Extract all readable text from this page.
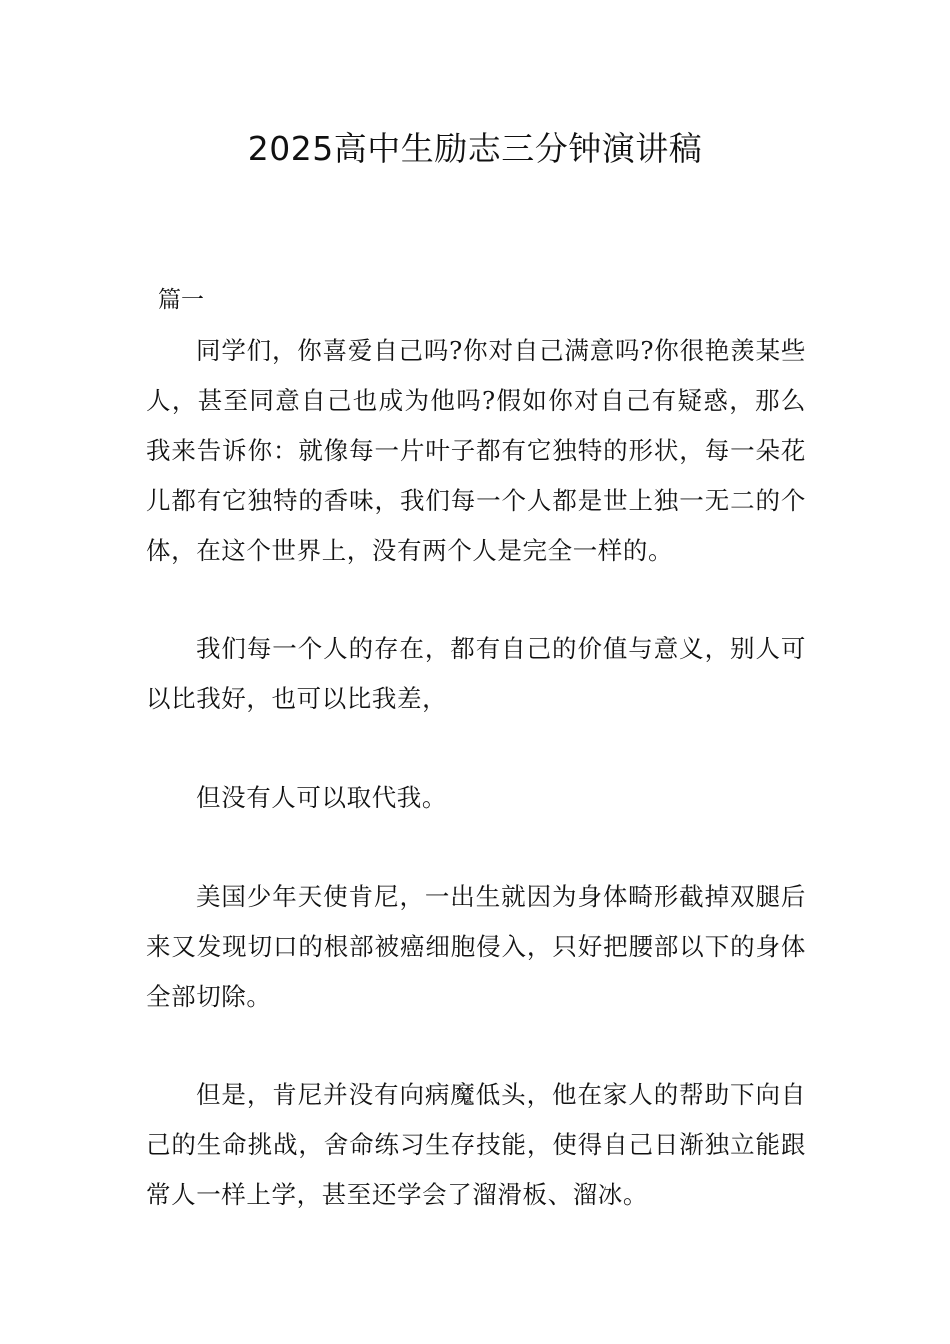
2025高中生励志三分钟演讲稿

篇一

同学们，你喜爱自己吗?你对自己满意吗?你很艳羡某些人，甚至同意自己也成为他吗?假如你对自己有疑惑，那么我来告诉你：就像每一片叶子都有它独特的形状，每一朵花儿都有它独特的香味，我们每一个人都是世上独一无二的个体，在这个世界上，没有两个人是完全一样的。

我们每一个人的存在，都有自己的价值与意义，别人可以比我好，也可以比我差，

但没有人可以取代我。

美国少年天使肯尼，一出生就因为身体畸形截掉双腿后来又发现切口的根部被癌细胞侵入，只好把腰部以下的身体全部切除。

但是，肯尼并没有向病魔低头，他在家人的帮助下向自己的生命挑战，舍命练习生存技能，使得自己日渐独立能跟常人一样上学，甚至还学会了溜滑板、溜冰。
